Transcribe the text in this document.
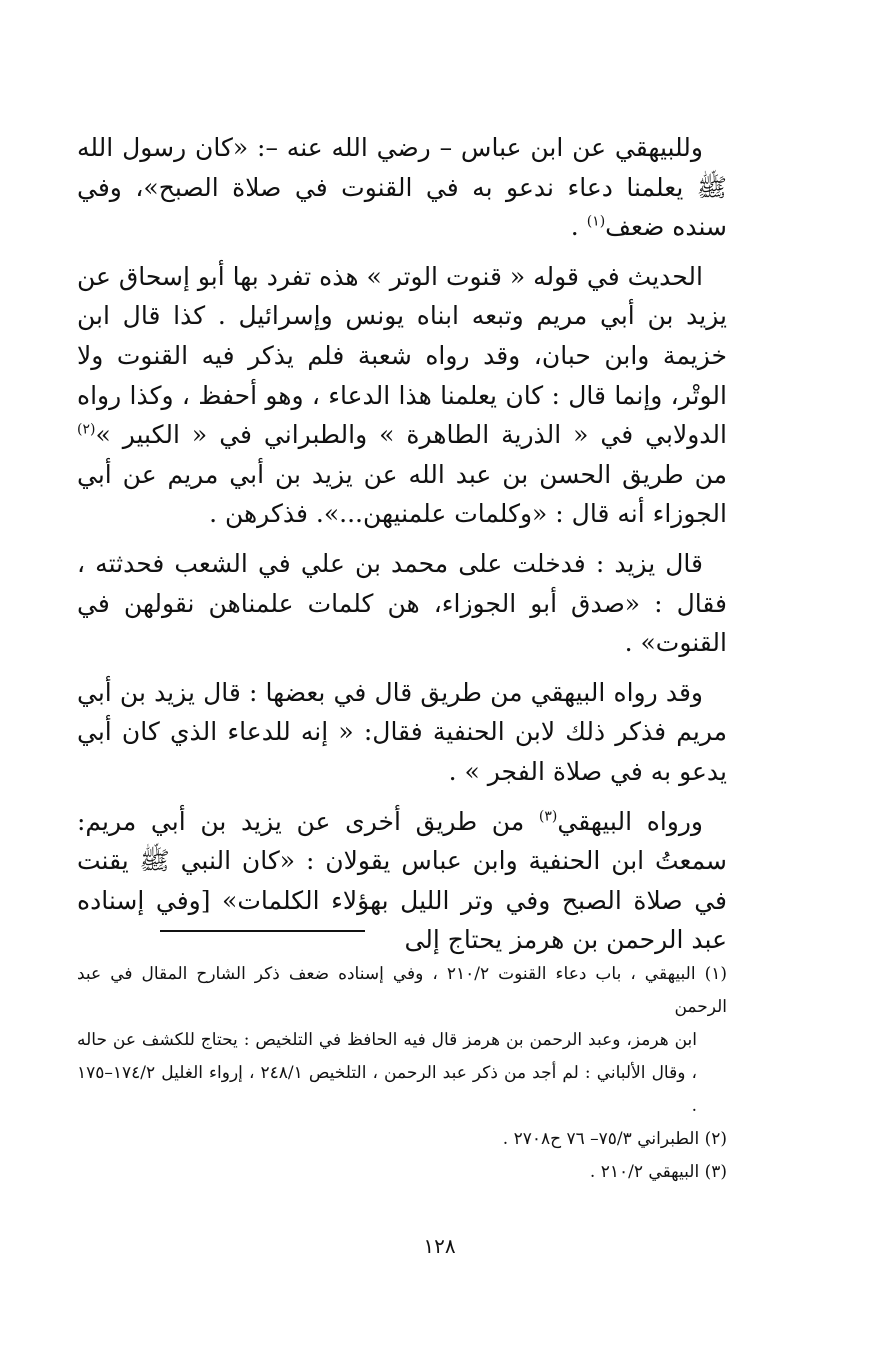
وللبيهقي عن ابن عباس – رضي الله عنه –: «كان رسول الله ﷺ يعلمنا دعاء ندعو به في القنوت في صلاة الصبح»، وفي سنده ضعف$^{(١)}$ .

الحديث في قوله « قنوت الوتر » هذه تفرد بها أبو إسحاق عن يزيد بن أبي مريم وتبعه ابناه يونس وإسرائيل . كذا قال ابن خزيمة وابن حبان، وقد رواه شعبة فلم يذكر فيه القنوت ولا الوتْر، وإنما قال : كان يعلمنا هذا الدعاء ، وهو أحفظ ، وكذا رواه الدولابي في « الذرية الطاهرة » والطبراني في « الكبير »$^{(٢)}$ من طريق الحسن بن عبد الله عن يزيد بن أبي مريم عن أبي الجوزاء أنه قال : «وكلمات علمنيهن...». فذكرهن .

قال يزيد : فدخلت على محمد بن علي في الشعب فحدثته ، فقال : «صدق أبو الجوزاء، هن كلمات علمناهن نقولهن في القنوت» .

وقد رواه البيهقي من طريق قال في بعضها : قال يزيد بن أبي مريم فذكر ذلك لابن الحنفية فقال: « إنه للدعاء الذي كان أبي يدعو به في صلاة الفجر » .

ورواه البيهقي$^{(٣)}$ من طريق أخرى عن يزيد بن أبي مريم: سمعتُ ابن الحنفية وابن عباس يقولان : «كان النبي ﷺ يقنت في صلاة الصبح وفي وتر الليل بهؤلاء الكلمات» [وفي إسناده عبد الرحمن بن هرمز يحتاج إلى

(١) البيهقي ، باب دعاء القنوت ٢١٠/٢ ، وفي إسناده ضعف ذكر الشارح المقال في عبد الرحمن

ابن هرمز، وعبد الرحمن بن هرمز قال فيه الحافظ في التلخيص : يحتاج للكشف عن حاله ، وقال الألباني : لم أجد من ذكر عبد الرحمن ، التلخيص ٢٤٨/١ ، إرواء الغليل ١٧٤/٢–١٧٥ .

(٢) الطبراني ٧٥/٣– ٧٦ ح٢٧٠٨ .

(٣) البيهقي ٢١٠/٢ .

١٢٨
